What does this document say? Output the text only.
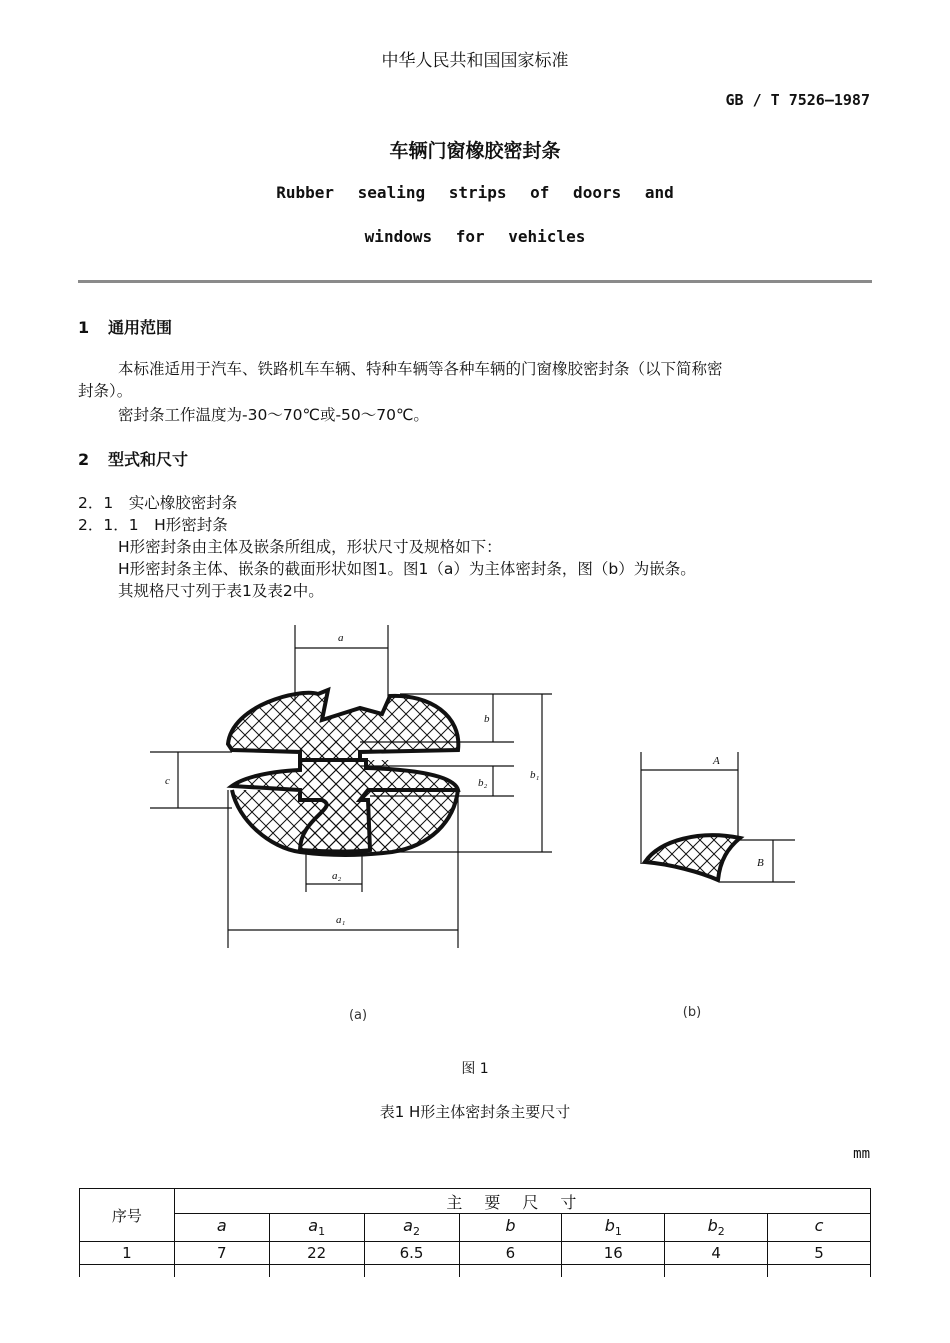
中华人民共和国国家标准
GB / T 7526—1987
车辆门窗橡胶密封条
Rubber sealing strips of doors and
windows for vehicles
1 通用范围
本标准适用于汽车、铁路机车车辆、特种车辆等各种车辆的门窗橡胶密封条（以下简称密
封条）。
密封条工作温度为-30～70℃或-50～70℃。
2 型式和尺寸
2．1　实心橡胶密封条
2．1．1　H形密封条
H形密封条由主体及嵌条所组成，形状尺寸及规格如下：
H形密封条主体、嵌条的截面形状如图1。图1（a）为主体密封条，图（b）为嵌条。
其规格尺寸列于表1及表2中。
a
a₂
a₁
b
b₂
b₁
c
A
B
(a)	(b)
图 1
表1 H形主体密封条主要尺寸
mm
序号	主要尺寸						
	a	$a_1$	$a_2$	b	$b_1$	$b_2$	c
1	7	22	6.5	6	16	4	5
